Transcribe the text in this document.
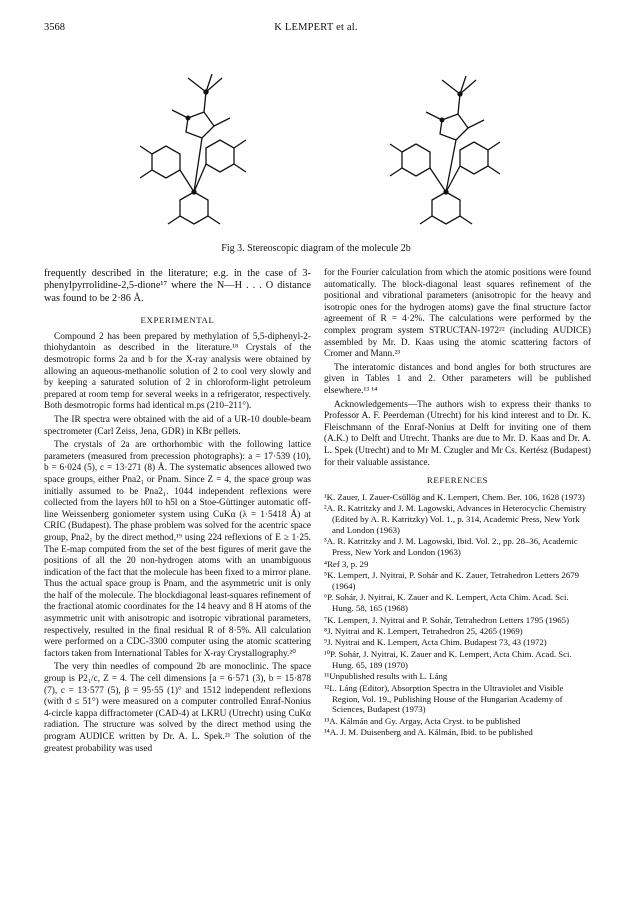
3568	K LEMPERT et al.
Fig 3. Stereoscopic diagram of the molecule 2b

frequently described in the literature; e.g. in the case of 3-phenylpyrrolidine-2,5-dione¹⁷ where the N—H . . . O distance was found to be 2·86 Å.

EXPERIMENTAL

Compound 2 has been prepared by methylation of 5,5-diphenyl-2-thiohydantoin as described in the literature.¹⁸ Crystals of the desmotropic forms 2a and b for the X-ray analysis were obtained by allowing an aqueous-methanolic solution of 2 to cool very slowly and by keeping a saturated solution of 2 in chloroform-light petroleum prepared at room temp for several weeks in a refrigerator, respectively. Both desmotropic forms had identical m.ps (210–211°).

The IR spectra were obtained with the aid of a UR-10 double-beam spectrometer (Carl Zeiss, Jena, GDR) in KBr pellets.

The crystals of 2a are orthorhombic with the following lattice parameters (measured from precession photographs): a = 17·539 (10), b = 6·024 (5), c = 13·271 (8) Å. The systematic absences allowed two space groups, either Pna2₁ or Pnam. Since Z = 4, the space group was initially assumed to be Pna2₁. 1044 independent reflexions were collected from the layers h0l to h5l on a Stoe-Güttinger automatic off-line Weissenberg goniometer system using CuKα (λ = 1·5418 Å) at CRIC (Budapest). The phase problem was solved for the acentric space group, Pna2₁ by the direct method,¹⁹ using 224 reflexions of E ≥ 1·25. The E-map computed from the set of the best figures of merit gave the positions of all the 20 non-hydrogen atoms with an unambiguous indication of the fact that the molecule has been fixed to a mirror plane. Thus the actual space group is Pnam, and the asymmetric unit is only the half of the molecule. The blockdiagonal least-squares refinement of the fractional atomic coordinates for the 14 heavy and 8 H atoms of the asymmetric unit with anisotropic and isotropic vibrational parameters, respectively, resulted in the final residual R of 8·5%. All calculation were performed on a CDC-3300 computer using the atomic scattering factors taken from International Tables for X-ray Crystallography.²⁰

The very thin needles of compound 2b are monoclinic. The space group is P2₁/c, Z = 4. The cell dimensions [a = 6·571 (3), b = 15·878 (7), c = 13·577 (5), β = 95·55 (1)° and 1512 independent reflexions (with ϑ ≤ 51°) were measured on a computer controlled Enraf-Nonius 4-circle kappa diffractometer (CAD-4) at LKRU (Utrecht) using CuKα radiation. The structure was solved by the direct method using the program AUDICE written by Dr. A. L. Spek.²¹ The solution of the greatest probability was used

for the Fourier calculation from which the atomic positions were found automatically. The block-diagonal least squares refinement of the positional and vibrational parameters (anisotropic for the heavy and isotropic ones for the hydrogen atoms) gave the final structure factor agreement of R = 4·2%. The calculations were performed by the complex program system STRUCTAN-1972²² (including AUDICE) assembled by Mr. D. Kaas using the atomic scattering factors of Cromer and Mann.²³

The interatomic distances and bond angles for both structures are given in Tables 1 and 2. Other parameters will be published elsewhere.¹³ ¹⁴

Acknowledgements—The authors wish to express their thanks to Professor A. F. Peerdeman (Utrecht) for his kind interest and to Dr. K. Fleischmann of the Enraf-Nonius at Delft for inviting one of them (A.K.) to Delft and Utrecht. Thanks are due to Mr. D. Kaas and Dr. A. L. Spek (Utrecht) and to Mr M. Czugler and Mr Cs. Kertész (Budapest) for their valuable assistance.

REFERENCES
¹K. Zauer, I. Zauer-Csüllög and K. Lempert, Chem. Ber. 106, 1628 (1973)
²A. R. Katritzky and J. M. Lagowski, Advances in Heterocyclic Chemistry (Edited by A. R. Katritzky) Vol. 1., p. 314, Academic Press, New York and London (1963)
³A. R. Katritzky and J. M. Lagowski, Ibid. Vol. 2., pp. 28–36, Academic Press, New York and London (1963)
⁴Ref 3, p. 29
⁵K. Lempert, J. Nyitrai, P. Sohár and K. Zauer, Tetrahedron Letters 2679 (1964)
⁶P. Sohár, J. Nyitrai, K. Zauer and K. Lempert, Acta Chim. Acad. Sci. Hung. 58, 165 (1968)
⁷K. Lempert, J. Nyitrai and P. Sohár, Tetrahedron Letters 1795 (1965)
⁸J. Nyitrai and K. Lempert, Tetrahedron 25, 4265 (1969)
⁹J. Nyitrai and K. Lempert, Acta Chim. Budapest 73, 43 (1972)
¹⁰P. Sohár, J. Nyitrai, K. Zauer and K. Lempert, Acta Chim. Acad. Sci. Hung. 65, 189 (1970)
¹¹Unpublished results with L. Láng
¹²L. Láng (Editor), Absorption Spectra in the Ultraviolet and Visible Region, Vol. 19., Publishing House of the Hungarian Academy of Sciences, Budapest (1973)
¹³A. Kálmán and Gy. Argay, Acta Cryst. to be published
¹⁴A. J. M. Duisenberg and A. Kálmán, Ibid. to be published
